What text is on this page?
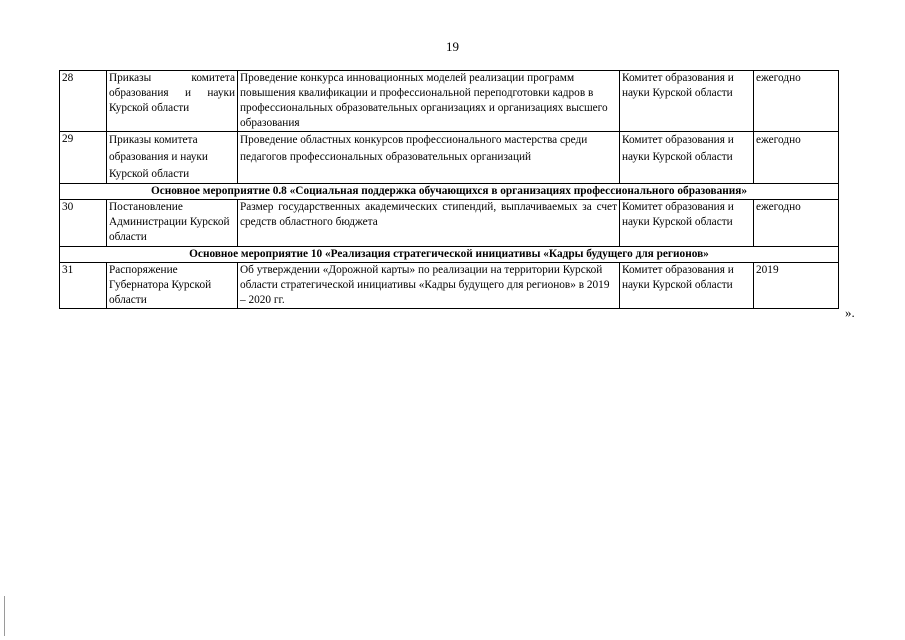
19
28	Приказы комитета образования и науки Курской области	Проведение конкурса инновационных моделей реализации программ повышения квалификации и профессиональной переподготовки кадров в профессиональных образовательных организациях и организациях высшего образования	Комитет образования и науки Курской области	ежегодно
29	Приказы комитета образования и науки Курской области	Проведение областных конкурсов профессионального мастерства среди педагогов профессиональных образовательных организаций	Комитет образования и науки Курской области	ежегодно
Основное мероприятие 0.8 «Социальная поддержка обучающихся в организациях профессионального образования»				
30	Постановление Администрации Курской области	Размер государственных академических стипендий, выплачиваемых за счет средств областного бюджета	Комитет образования и науки Курской области	ежегодно
Основное мероприятие 10 «Реализация стратегической инициативы «Кадры будущего для регионов»				
31	Распоряжение Губернатора Курской области	Об утверждении «Дорожной карты» по реализации на территории Курской области стратегической инициативы «Кадры будущего для регионов» в 2019 – 2020 гг.	Комитет образования и науки Курской области	2019
».
